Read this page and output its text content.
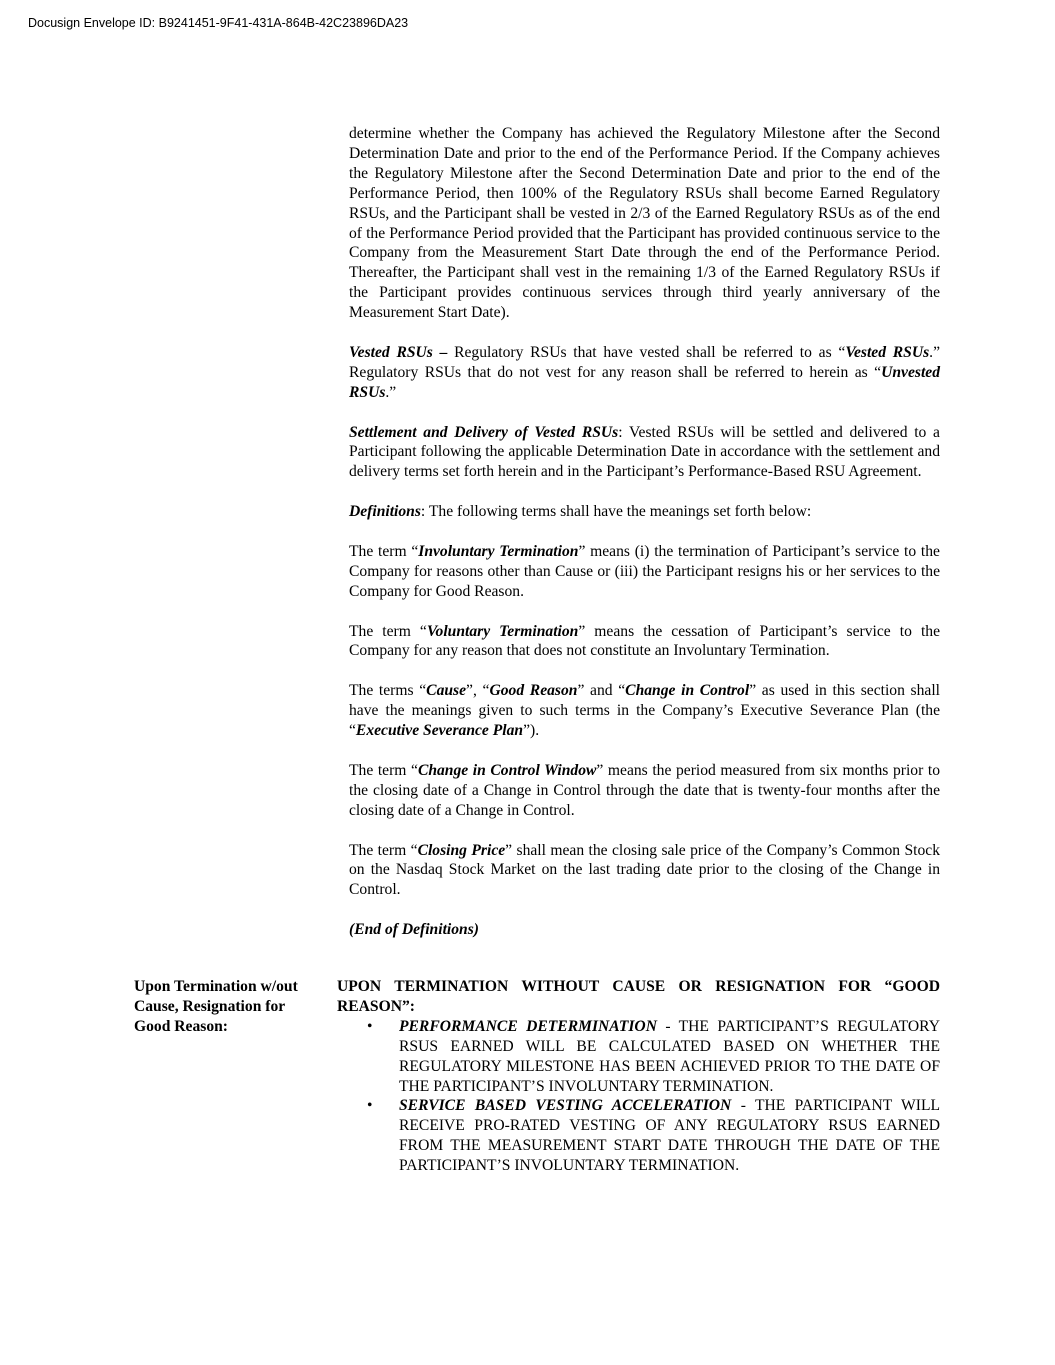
Docusign Envelope ID: B9241451-9F41-431A-864B-42C23896DA23

determine whether the Company has achieved the Regulatory Milestone after the Second Determination Date and prior to the end of the Performance Period. If the Company achieves the Regulatory Milestone after the Second Determination Date and prior to the end of the Performance Period, then 100% of the Regulatory RSUs shall become Earned Regulatory RSUs, and the Participant shall be vested in 2/3 of the Earned Regulatory RSUs as of the end of the Performance Period provided that the Participant has provided continuous service to the Company from the Measurement Start Date through the end of the Performance Period. Thereafter, the Participant shall vest in the remaining 1/3 of the Earned Regulatory RSUs if the Participant provides continuous services through third yearly anniversary of the Measurement Start Date).

Vested RSUs – Regulatory RSUs that have vested shall be referred to as “Vested RSUs.” Regulatory RSUs that do not vest for any reason shall be referred to herein as “Unvested RSUs.”

Settlement and Delivery of Vested RSUs: Vested RSUs will be settled and delivered to a Participant following the applicable Determination Date in accordance with the settlement and delivery terms set forth herein and in the Participant’s Performance-Based RSU Agreement.

Definitions: The following terms shall have the meanings set forth below:

The term “Involuntary Termination” means (i) the termination of Participant’s service to the Company for reasons other than Cause or (iii) the Participant resigns his or her services to the Company for Good Reason.

The term “Voluntary Termination” means the cessation of Participant’s service to the Company for any reason that does not constitute an Involuntary Termination.

The terms “Cause”, “Good Reason” and “Change in Control” as used in this section shall have the meanings given to such terms in the Company’s Executive Severance Plan (the “Executive Severance Plan”).

The term “Change in Control Window” means the period measured from six months prior to the closing date of a Change in Control through the date that is twenty-four months after the closing date of a Change in Control.

The term “Closing Price” shall mean the closing sale price of the Company’s Common Stock on the Nasdaq Stock Market on the last trading date prior to the closing of the Change in Control.

(End of Definitions)

Upon Termination w/out Cause, Resignation for Good Reason:

UPON TERMINATION WITHOUT CAUSE OR RESIGNATION FOR “GOOD REASON”:

• PERFORMANCE DETERMINATION - THE PARTICIPANT’S REGULATORY RSUS EARNED WILL BE CALCULATED BASED ON WHETHER THE REGULATORY MILESTONE HAS BEEN ACHIEVED PRIOR TO THE DATE OF THE PARTICIPANT’S INVOLUNTARY TERMINATION.
• SERVICE BASED VESTING ACCELERATION - THE PARTICIPANT WILL RECEIVE PRO-RATED VESTING OF ANY REGULATORY RSUS EARNED FROM THE MEASUREMENT START DATE THROUGH THE DATE OF THE PARTICIPANT’S INVOLUNTARY TERMINATION.
